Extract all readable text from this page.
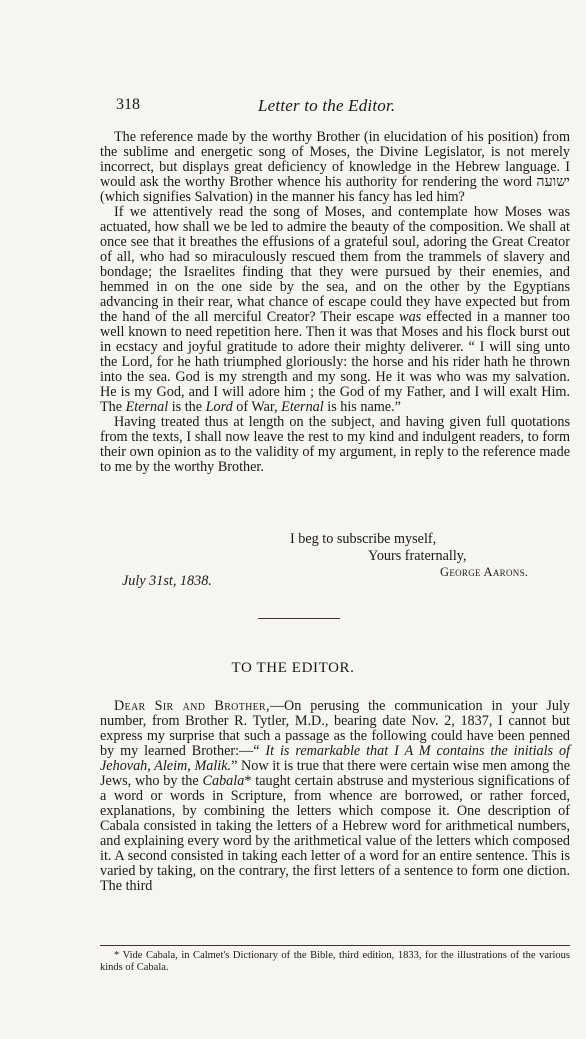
318	Letter to the Editor.

The reference made by the worthy Brother (in elucidation of his position) from the sublime and energetic song of Moses, the Divine Legislator, is not merely incorrect, but displays great deficiency of knowledge in the Hebrew language. I would ask the worthy Brother whence his authority for rendering the word ישועה (which signifies Salvation) in the manner his fancy has led him?

If we attentively read the song of Moses, and contemplate how Moses was actuated, how shall we be led to admire the beauty of the composition. We shall at once see that it breathes the effusions of a grateful soul, adoring the Great Creator of all, who had so miraculously rescued them from the trammels of slavery and bondage; the Israelites finding that they were pursued by their enemies, and hemmed in on the one side by the sea, and on the other by the Egyptians advancing in their rear, what chance of escape could they have expected but from the hand of the all merciful Creator? Their escape was effected in a manner too well known to need repetition here. Then it was that Moses and his flock burst out in ecstacy and joyful gratitude to adore their mighty deliverer. “ I will sing unto the Lord, for he hath triumphed gloriously: the horse and his rider hath he thrown into the sea. God is my strength and my song. He it was who was my salvation. He is my God, and I will adore him ; the God of my Father, and I will exalt Him. The Eternal is the Lord of War, Eternal is his name.”

Having treated thus at length on the subject, and having given full quotations from the texts, I shall now leave the rest to my kind and indulgent readers, to form their own opinion as to the validity of my argument, in reply to the reference made to me by the worthy Brother.

I beg to subscribe myself,
Yours fraternally,
George Aarons.
July 31st, 1838.
TO THE EDITOR.

Dear Sir and Brother,—On perusing the communication in your July number, from Brother R. Tytler, M.D., bearing date Nov. 2, 1837, I cannot but express my surprise that such a passage as the following could have been penned by my learned Brother:—“ It is remarkable that I A M contains the initials of Jehovah, Aleim, Malik.” Now it is true that there were certain wise men among the Jews, who by the Cabala* taught certain abstruse and mysterious significations of a word or words in Scripture, from whence are borrowed, or rather forced, explanations, by combining the letters which compose it. One description of Cabala consisted in taking the letters of a Hebrew word for arithmetical numbers, and explaining every word by the arithmetical value of the letters which composed it. A second consisted in taking each letter of a word for an entire sentence. This is varied by taking, on the contrary, the first letters of a sentence to form one diction. The third

* Vide Cabala, in Calmet's Dictionary of the Bible, third edition, 1833, for the illustrations of the various kinds of Cabala.
